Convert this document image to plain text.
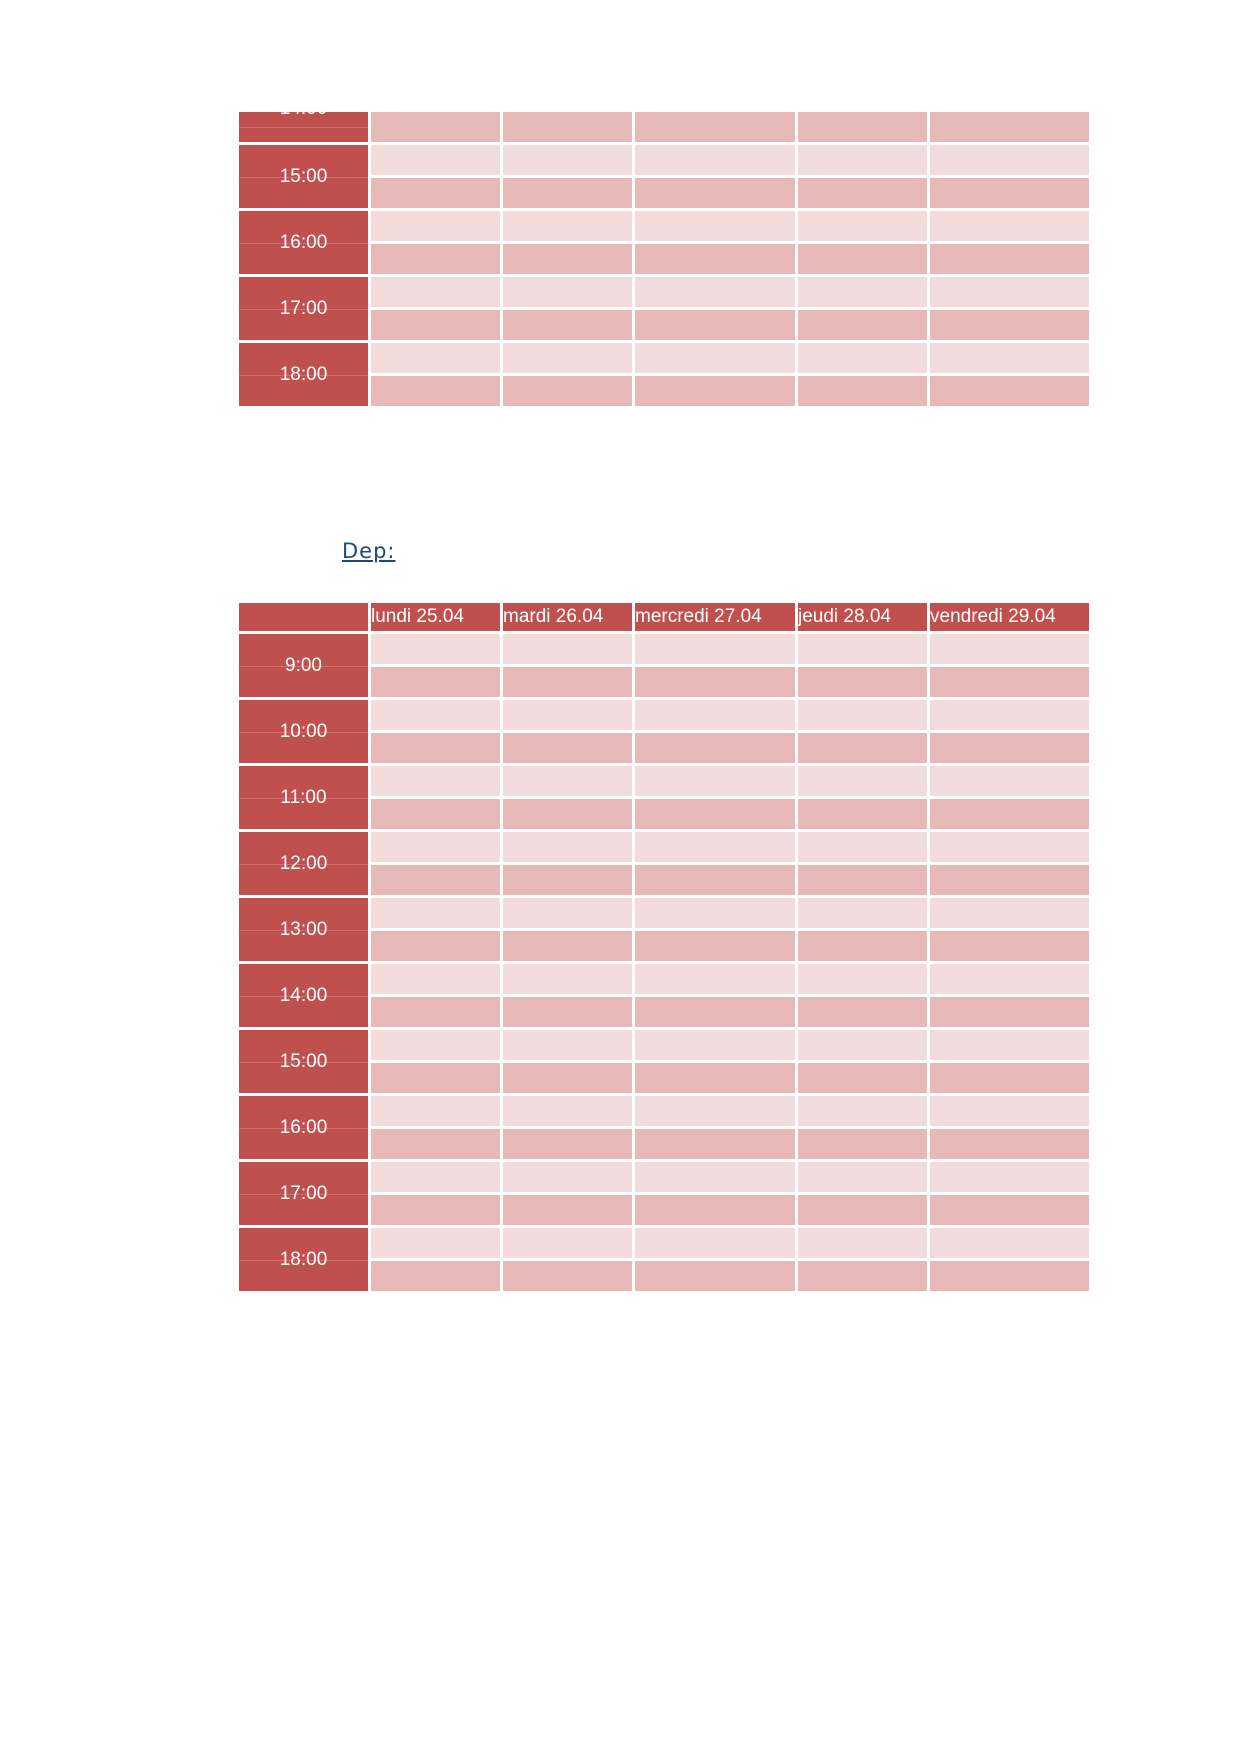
14:00
15:00
16:00
17:00
18:00
Dep:
lundi 25.04	mardi 26.04	mercredi 27.04	jeudi 28.04	vendredi 29.04
9:00
10:00
11:00
12:00
13:00
14:00
15:00
16:00
17:00
18:00
